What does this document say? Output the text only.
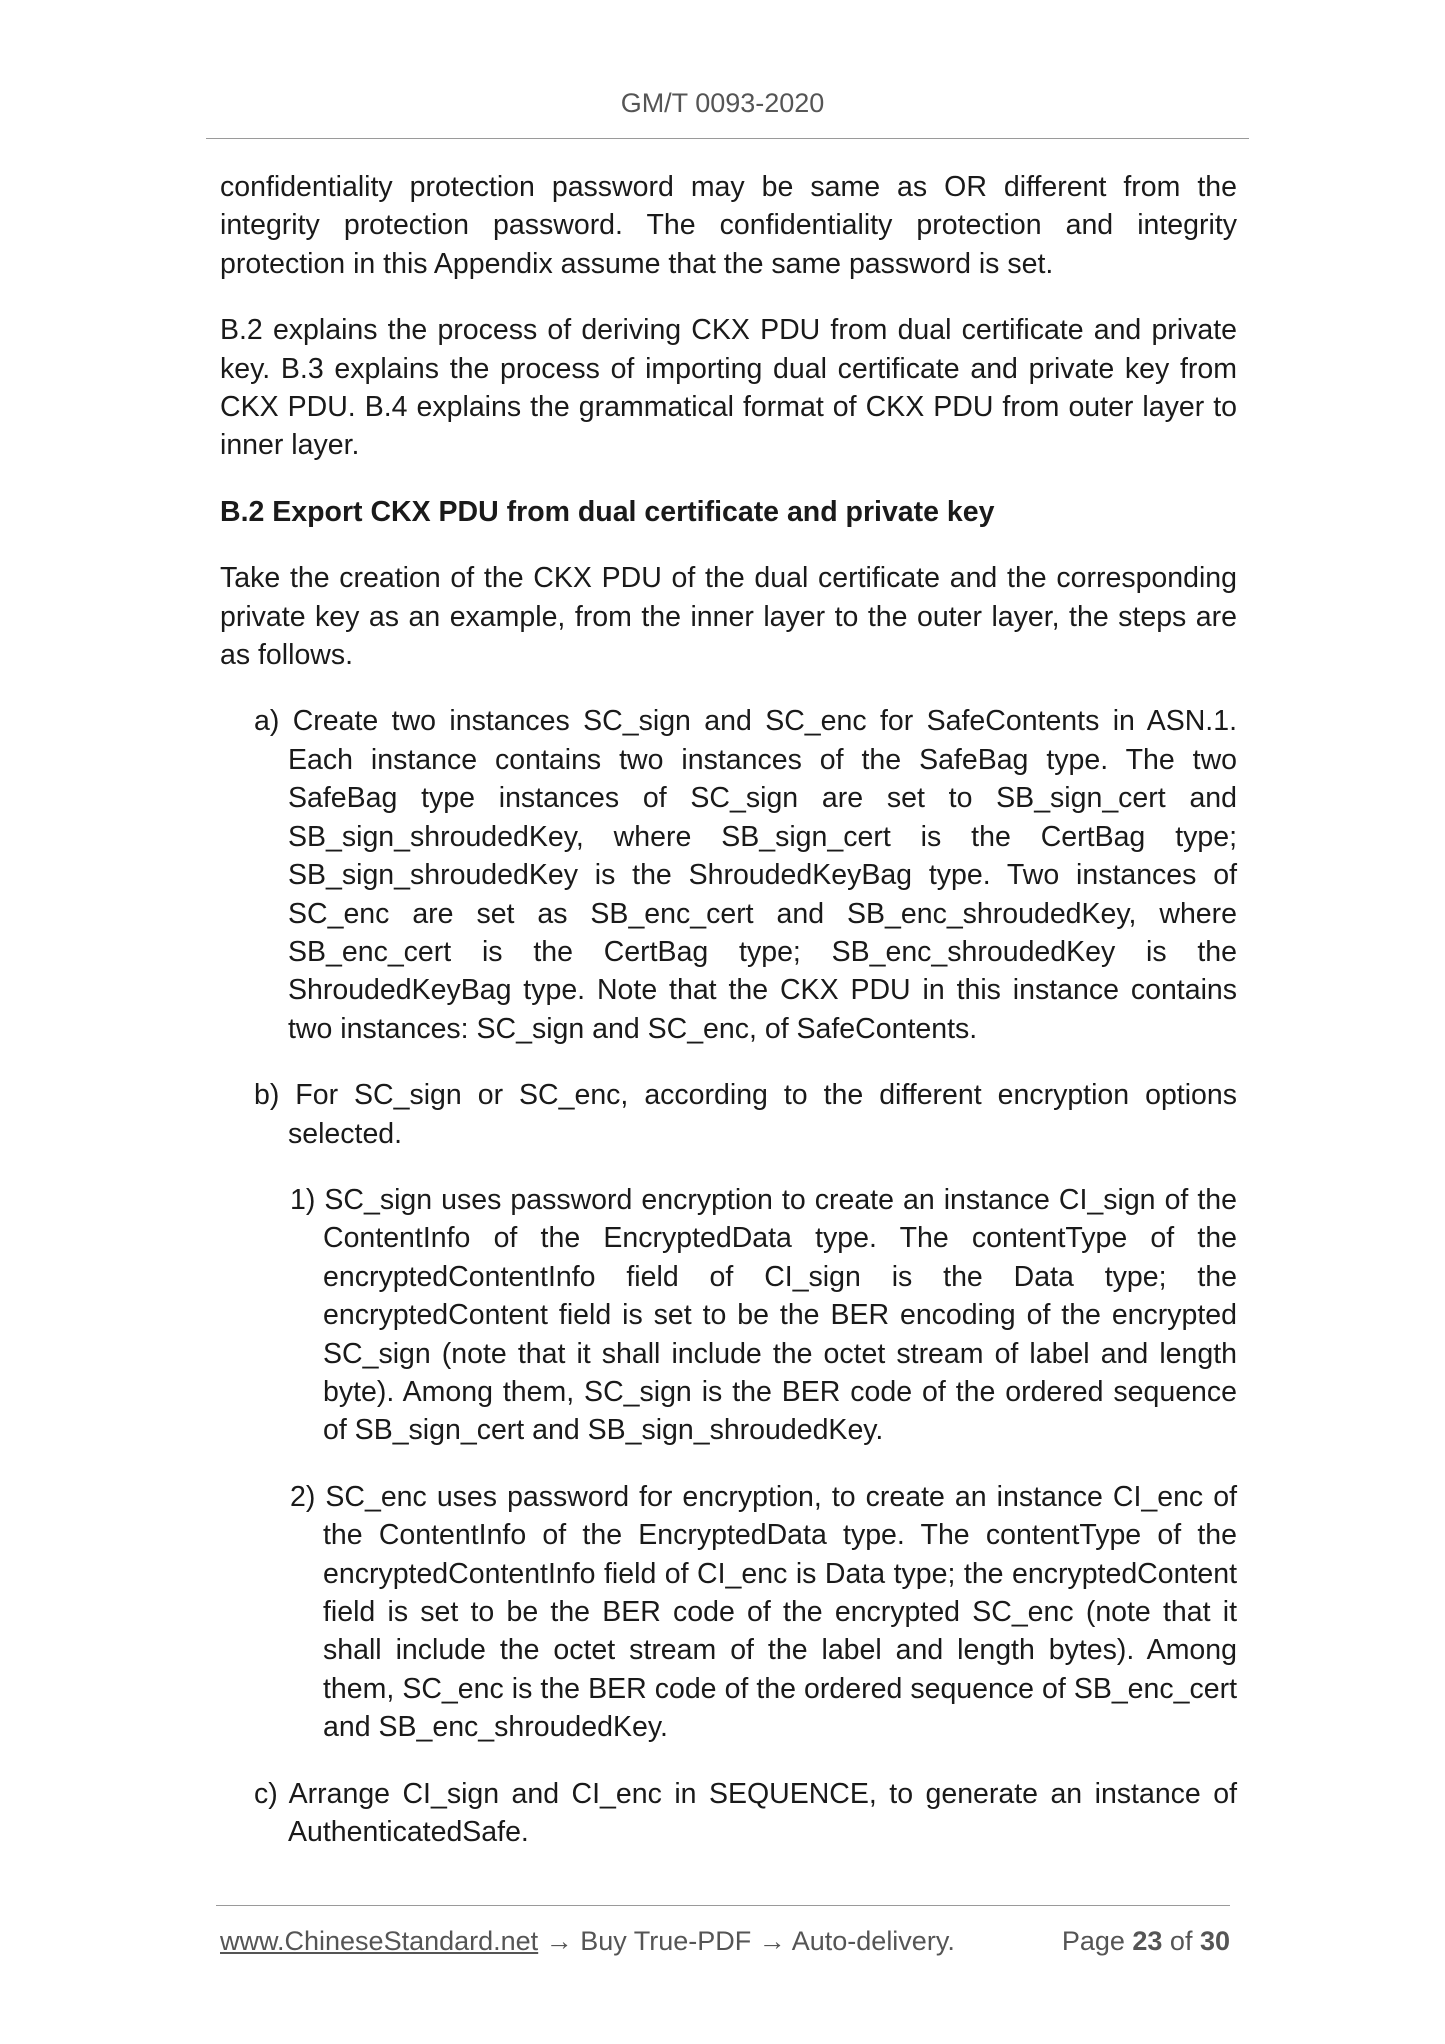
GM/T 0093-2020

confidentiality protection password may be same as OR different from the integrity protection password. The confidentiality protection and integrity protection in this Appendix assume that the same password is set.

B.2 explains the process of deriving CKX PDU from dual certificate and private key. B.3 explains the process of importing dual certificate and private key from CKX PDU. B.4 explains the grammatical format of CKX PDU from outer layer to inner layer.

B.2 Export CKX PDU from dual certificate and private key

Take the creation of the CKX PDU of the dual certificate and the corresponding private key as an example, from the inner layer to the outer layer, the steps are as follows.

a) Create two instances SC_sign and SC_enc for SafeContents in ASN.1. Each instance contains two instances of the SafeBag type. The two SafeBag type instances of SC_sign are set to SB_sign_cert and SB_sign_shroudedKey, where SB_sign_cert is the CertBag type; SB_sign_shroudedKey is the ShroudedKeyBag type. Two instances of SC_enc are set as SB_enc_cert and SB_enc_shroudedKey, where SB_enc_cert is the CertBag type; SB_enc_shroudedKey is the ShroudedKeyBag type. Note that the CKX PDU in this instance contains two instances: SC_sign and SC_enc, of SafeContents.

b) For SC_sign or SC_enc, according to the different encryption options selected.

1) SC_sign uses password encryption to create an instance CI_sign of the ContentInfo of the EncryptedData type. The contentType of the encryptedContentInfo field of CI_sign is the Data type; the encryptedContent field is set to be the BER encoding of the encrypted SC_sign (note that it shall include the octet stream of label and length byte). Among them, SC_sign is the BER code of the ordered sequence of SB_sign_cert and SB_sign_shroudedKey.

2) SC_enc uses password for encryption, to create an instance CI_enc of the ContentInfo of the EncryptedData type. The contentType of the encryptedContentInfo field of CI_enc is Data type; the encryptedContent field is set to be the BER code of the encrypted SC_enc (note that it shall include the octet stream of the label and length bytes). Among them, SC_enc is the BER code of the ordered sequence of SB_enc_cert and SB_enc_shroudedKey.

c) Arrange CI_sign and CI_enc in SEQUENCE, to generate an instance of AuthenticatedSafe.

www.ChineseStandard.net → Buy True-PDF → Auto-delivery.	Page 23 of 30
